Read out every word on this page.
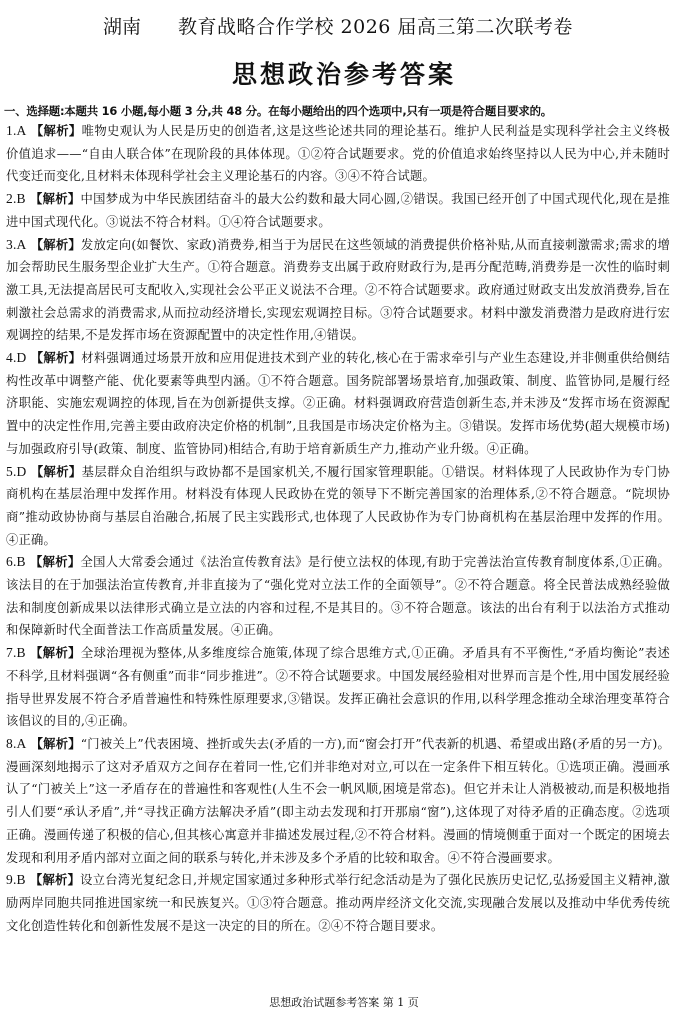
湖南 教育战略合作学校 2026 届高三第二次联考卷
思想政治参考答案
一、选择题:本题共 16 小题,每小题 3 分,共 48 分。在每小题给出的四个选项中,只有一项是符合题目要求的。
1.A 【解析】唯物史观认为人民是历史的创造者,这是这些论述共同的理论基石。维护人民利益是实现科学社会主义终极价值追求——“自由人联合体”在现阶段的具体体现。①②符合试题要求。党的价值追求始终坚持以人民为中心,并未随时代变迁而变化,且材料未体现科学社会主义理论基石的内容。③④不符合试题。
2.B 【解析】中国梦成为中华民族团结奋斗的最大公约数和最大同心圆,②错误。我国已经开创了中国式现代化,现在是推进中国式现代化。③说法不符合材料。①④符合试题要求。
3.A 【解析】发放定向(如餐饮、家政)消费券,相当于为居民在这些领域的消费提供价格补贴,从而直接刺激需求;需求的增加会帮助民生服务型企业扩大生产。①符合题意。消费券支出属于政府财政行为,是再分配范畴,消费券是一次性的临时刺激工具,无法提高居民可支配收入,实现社会公平正义说法不合理。②不符合试题要求。政府通过财政支出发放消费券,旨在刺激社会总需求的消费需求,从而拉动经济增长,实现宏观调控目标。③符合试题要求。材料中激发消费潜力是政府进行宏观调控的结果,不是发挥市场在资源配置中的决定性作用,④错误。
4.D 【解析】材料强调通过场景开放和应用促进技术到产业的转化,核心在于需求牵引与产业生态建设,并非侧重供给侧结构性改革中调整产能、优化要素等典型内涵。①不符合题意。国务院部署场景培育,加强政策、制度、监管协同,是履行经济职能、实施宏观调控的体现,旨在为创新提供支撑。②正确。材料强调政府营造创新生态,并未涉及“发挥市场在资源配置中的决定性作用,完善主要由政府决定价格的机制”,且我国是市场决定价格为主。③错误。发挥市场优势(超大规模市场)与加强政府引导(政策、制度、监管协同)相结合,有助于培育新质生产力,推动产业升级。④正确。
5.D 【解析】基层群众自治组织与政协都不是国家机关,不履行国家管理职能。①错误。材料体现了人民政协作为专门协商机构在基层治理中发挥作用。材料没有体现人民政协在党的领导下不断完善国家的治理体系,②不符合题意。“院坝协商”推动政协协商与基层自治融合,拓展了民主实践形式,也体现了人民政协作为专门协商机构在基层治理中发挥的作用。④正确。
6.B 【解析】全国人大常委会通过《法治宣传教育法》是行使立法权的体现,有助于完善法治宣传教育制度体系,①正确。该法目的在于加强法治宣传教育,并非直接为了“强化党对立法工作的全面领导”。②不符合题意。将全民普法成熟经验做法和制度创新成果以法律形式确立是立法的内容和过程,不是其目的。③不符合题意。该法的出台有利于以法治方式推动和保障新时代全面普法工作高质量发展。④正确。
7.B 【解析】全球治理视为整体,从多维度综合施策,体现了综合思维方式,①正确。矛盾具有不平衡性,“矛盾均衡论”表述不科学,且材料强调“各有侧重”而非“同步推进”。②不符合试题要求。中国发展经验相对世界而言是个性,用中国发展经验指导世界发展不符合矛盾普遍性和特殊性原理要求,③错误。发挥正确社会意识的作用,以科学理念推动全球治理变革符合该倡议的目的,④正确。
8.A 【解析】“门被关上”代表困境、挫折或失去(矛盾的一方),而“窗会打开”代表新的机遇、希望或出路(矛盾的另一方)。漫画深刻地揭示了这对矛盾双方之间存在着同一性,它们并非绝对对立,可以在一定条件下相互转化。①选项正确。漫画承认了“门被关上”这一矛盾存在的普遍性和客观性(人生不会一帆风顺,困境是常态)。但它并未让人消极被动,而是积极地指引人们要“承认矛盾”,并“寻找正确方法解决矛盾”(即主动去发现和打开那扇“窗”),这体现了对待矛盾的正确态度。②选项正确。漫画传递了积极的信心,但其核心寓意并非描述发展过程,②不符合材料。漫画的情境侧重于面对一个既定的困境去发现和利用矛盾内部对立面之间的联系与转化,并未涉及多个矛盾的比较和取舍。④不符合漫画要求。
9.B 【解析】设立台湾光复纪念日,并规定国家通过多种形式举行纪念活动是为了强化民族历史记忆,弘扬爱国主义精神,激励两岸同胞共同推进国家统一和民族复兴。①③符合题意。推动两岸经济文化交流,实现融合发展以及推动中华优秀传统文化创造性转化和创新性发展不是这一决定的目的所在。②④不符合题目要求。
思想政治试题参考答案 第 1 页
